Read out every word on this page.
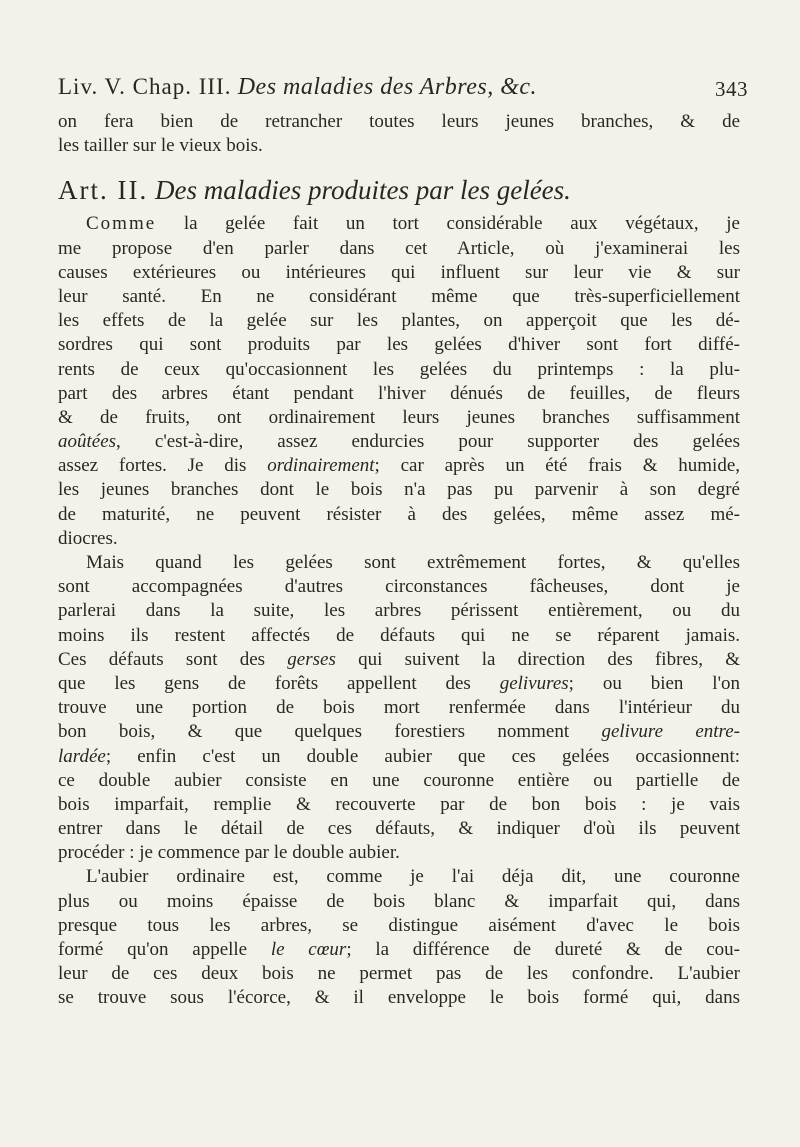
Liv. V. Chap. III. Des maladies des Arbres, &c.	343
on fera bien de retrancher toutes leurs jeunes branches, & de
les tailler sur le vieux bois.
Art. II. Des maladies produites par les gelées.
Comme la gelée fait un tort considérable aux végétaux, je
me propose d'en parler dans cet Article, où j'examinerai les
causes extérieures ou intérieures qui influent sur leur vie & sur
leur santé. En ne considérant même que très-superficiellement
les effets de la gelée sur les plantes, on apperçoit que les dé-
sordres qui sont produits par les gelées d'hiver sont fort diffé-
rents de ceux qu'occasionnent les gelées du printemps : la plu-
part des arbres étant pendant l'hiver dénués de feuilles, de fleurs
& de fruits, ont ordinairement leurs jeunes branches suffisamment
aoûtées, c'est-à-dire, assez endurcies pour supporter des gelées
assez fortes. Je dis ordinairement; car après un été frais & humide,
les jeunes branches dont le bois n'a pas pu parvenir à son degré
de maturité, ne peuvent résister à des gelées, même assez mé-
diocres.
Mais quand les gelées sont extrêmement fortes, & qu'elles
sont accompagnées d'autres circonstances fâcheuses, dont je
parlerai dans la suite, les arbres périssent entièrement, ou du
moins ils restent affectés de défauts qui ne se réparent jamais.
Ces défauts sont des gerses qui suivent la direction des fibres, &
que les gens de forêts appellent des gelivures; ou bien l'on
trouve une portion de bois mort renfermée dans l'intérieur du
bon bois, & que quelques forestiers nomment gelivure entre-
lardée; enfin c'est un double aubier que ces gelées occasionnent:
ce double aubier consiste en une couronne entière ou partielle de
bois imparfait, remplie & recouverte par de bon bois : je vais
entrer dans le détail de ces défauts, & indiquer d'où ils peuvent
procéder : je commence par le double aubier.
L'aubier ordinaire est, comme je l'ai déja dit, une couronne
plus ou moins épaisse de bois blanc & imparfait qui, dans
presque tous les arbres, se distingue aisément d'avec le bois
formé qu'on appelle le cœur; la différence de dureté & de cou-
leur de ces deux bois ne permet pas de les confondre. L'aubier
se trouve sous l'écorce, & il enveloppe le bois formé qui, dans
